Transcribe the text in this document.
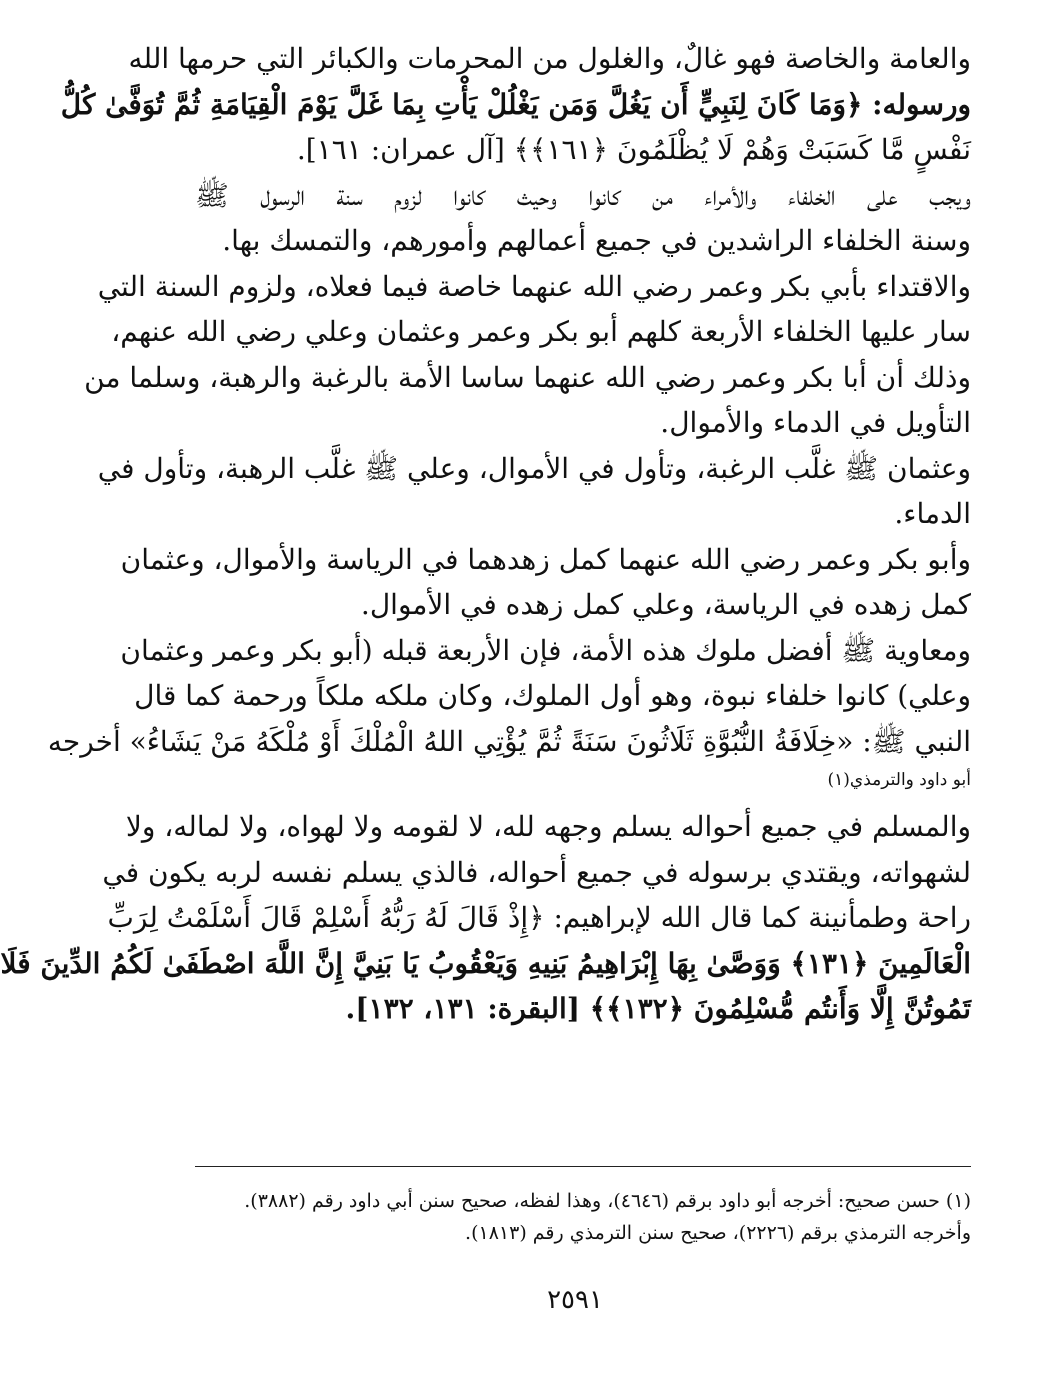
والعامة والخاصة فهو غالٌ، والغلول من المحرمات والكبائر التي حرمها الله
ورسوله: ﴿وَمَا كَانَ لِنَبِيٍّ أَن يَغُلَّ وَمَن يَغْلُلْ يَأْتِ بِمَا غَلَّ يَوْمَ الْقِيَامَةِ ثُمَّ تُوَفَّىٰ كُلُّ
نَفْسٍ مَّا كَسَبَتْ وَهُمْ لَا يُظْلَمُونَ ﴿١٦١﴾﴾ [آل عمران: ١٦١].
ويجب على الخلفاء والأمراء من كانوا وحيث كانوا لزوم سنة الرسول ﷺ
وسنة الخلفاء الراشدين في جميع أعمالهم وأمورهم، والتمسك بها.
والاقتداء بأبي بكر وعمر رضي الله عنهما خاصة فيما فعلاه، ولزوم السنة التي
سار عليها الخلفاء الأربعة كلهم أبو بكر وعمر وعثمان وعلي رضي الله عنهم،
وذلك أن أبا بكر وعمر رضي الله عنهما ساسا الأمة بالرغبة والرهبة، وسلما من
التأويل في الدماء والأموال.
وعثمان ﷺ غلَّب الرغبة، وتأول في الأموال، وعلي ﷺ غلَّب الرهبة، وتأول في
الدماء.
وأبو بكر وعمر رضي الله عنهما كمل زهدهما في الرياسة والأموال، وعثمان
كمل زهده في الرياسة، وعلي كمل زهده في الأموال.
ومعاوية ﷺ أفضل ملوك هذه الأمة، فإن الأربعة قبله (أبو بكر وعمر وعثمان
وعلي) كانوا خلفاء نبوة، وهو أول الملوك، وكان ملكه ملكاً ورحمة كما قال
النبي ﷺ: «خِلَافَةُ النُّبُوَّةِ ثَلَاثُونَ سَنَةً ثُمَّ يُؤْتِي اللهُ الْمُلْكَ أَوْ مُلْكَهُ مَنْ يَشَاءُ» أخرجه
أبو داود والترمذي(١)
والمسلم في جميع أحواله يسلم وجهه لله، لا لقومه ولا لهواه، ولا لماله، ولا
لشهواته، ويقتدي برسوله في جميع أحواله، فالذي يسلم نفسه لربه يكون في
راحة وطمأنينة كما قال الله لإبراهيم: ﴿إِذْ قَالَ لَهُ رَبُّهُ أَسْلِمْ قَالَ أَسْلَمْتُ لِرَبِّ
الْعَالَمِينَ ﴿١٣١﴾ وَوَصَّىٰ بِهَا إِبْرَاهِيمُ بَنِيهِ وَيَعْقُوبُ يَا بَنِيَّ إِنَّ اللَّهَ اصْطَفَىٰ لَكُمُ الدِّينَ فَلَا
تَمُوتُنَّ إِلَّا وَأَنتُم مُّسْلِمُونَ ﴿١٣٢﴾﴾ [البقرة: ١٣١، ١٣٢].
(١) حسن صحيح: أخرجه أبو داود برقم (٤٦٤٦)، وهذا لفظه، صحيح سنن أبي داود رقم (٣٨٨٢).
وأخرجه الترمذي برقم (٢٢٢٦)، صحيح سنن الترمذي رقم (١٨١٣).
٢٥٩١
